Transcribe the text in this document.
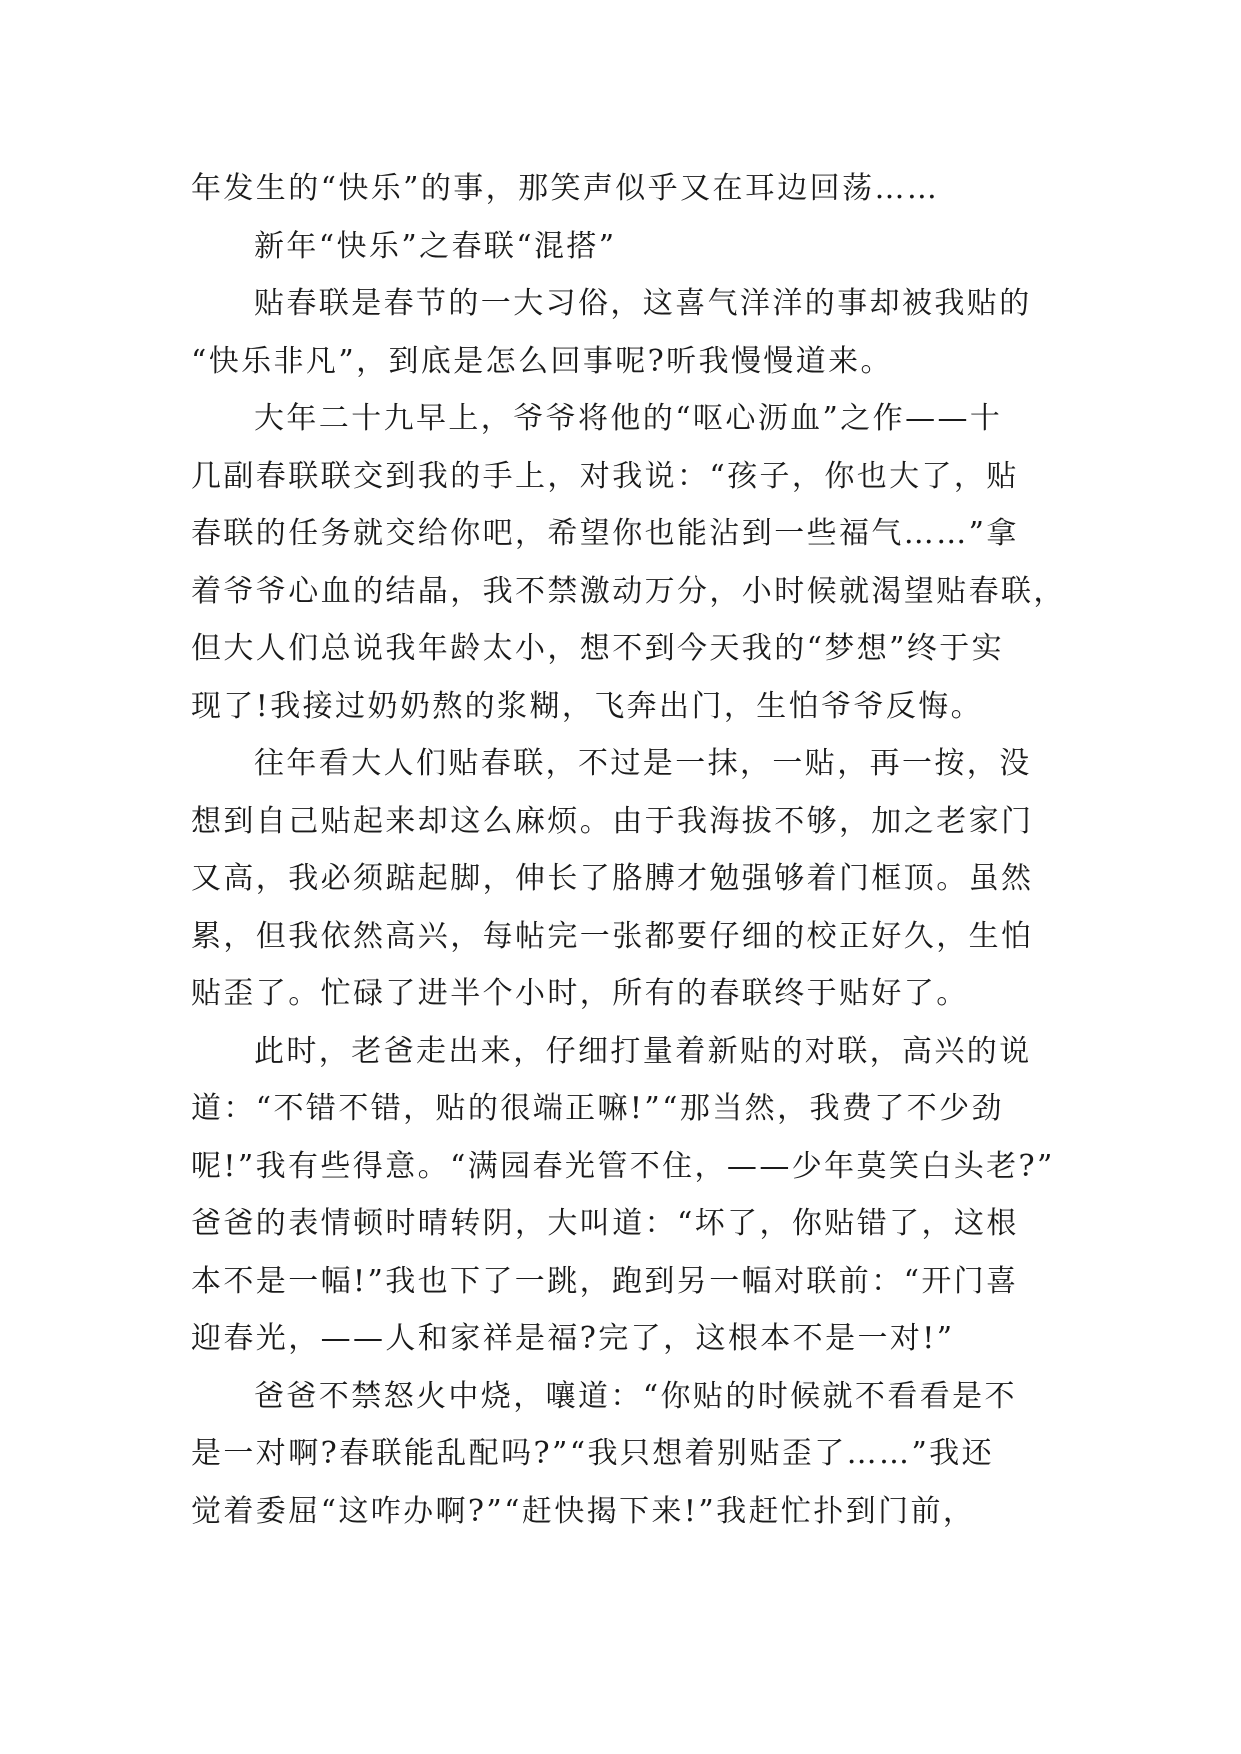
年发生的“快乐”的事，那笑声似乎又在耳边回荡……
新年“快乐”之春联“混搭”
贴春联是春节的一大习俗，这喜气洋洋的事却被我贴的
“快乐非凡”，到底是怎么回事呢?听我慢慢道来。
大年二十九早上，爷爷将他的“呕心沥血”之作——十
几副春联联交到我的手上，对我说：“孩子，你也大了，贴
春联的任务就交给你吧，希望你也能沾到一些福气……”拿
着爷爷心血的结晶，我不禁激动万分，小时候就渴望贴春联，
但大人们总说我年龄太小，想不到今天我的“梦想”终于实
现了!我接过奶奶熬的浆糊，飞奔出门，生怕爷爷反悔。
往年看大人们贴春联，不过是一抹，一贴，再一按，没
想到自己贴起来却这么麻烦。由于我海拔不够，加之老家门
又高，我必须踮起脚，伸长了胳膊才勉强够着门框顶。虽然
累，但我依然高兴，每帖完一张都要仔细的校正好久，生怕
贴歪了。忙碌了进半个小时，所有的春联终于贴好了。
此时，老爸走出来，仔细打量着新贴的对联，高兴的说
道：“不错不错，贴的很端正嘛!”“那当然，我费了不少劲
呢!”我有些得意。“满园春光管不住，——少年莫笑白头老?”
爸爸的表情顿时晴转阴，大叫道：“坏了，你贴错了，这根
本不是一幅!”我也下了一跳，跑到另一幅对联前：“开门喜
迎春光，——人和家祥是福?完了，这根本不是一对!”
爸爸不禁怒火中烧，嚷道：“你贴的时候就不看看是不
是一对啊?春联能乱配吗?”“我只想着别贴歪了……”我还
觉着委屈“这咋办啊?”“赶快揭下来!”我赶忙扑到门前，
